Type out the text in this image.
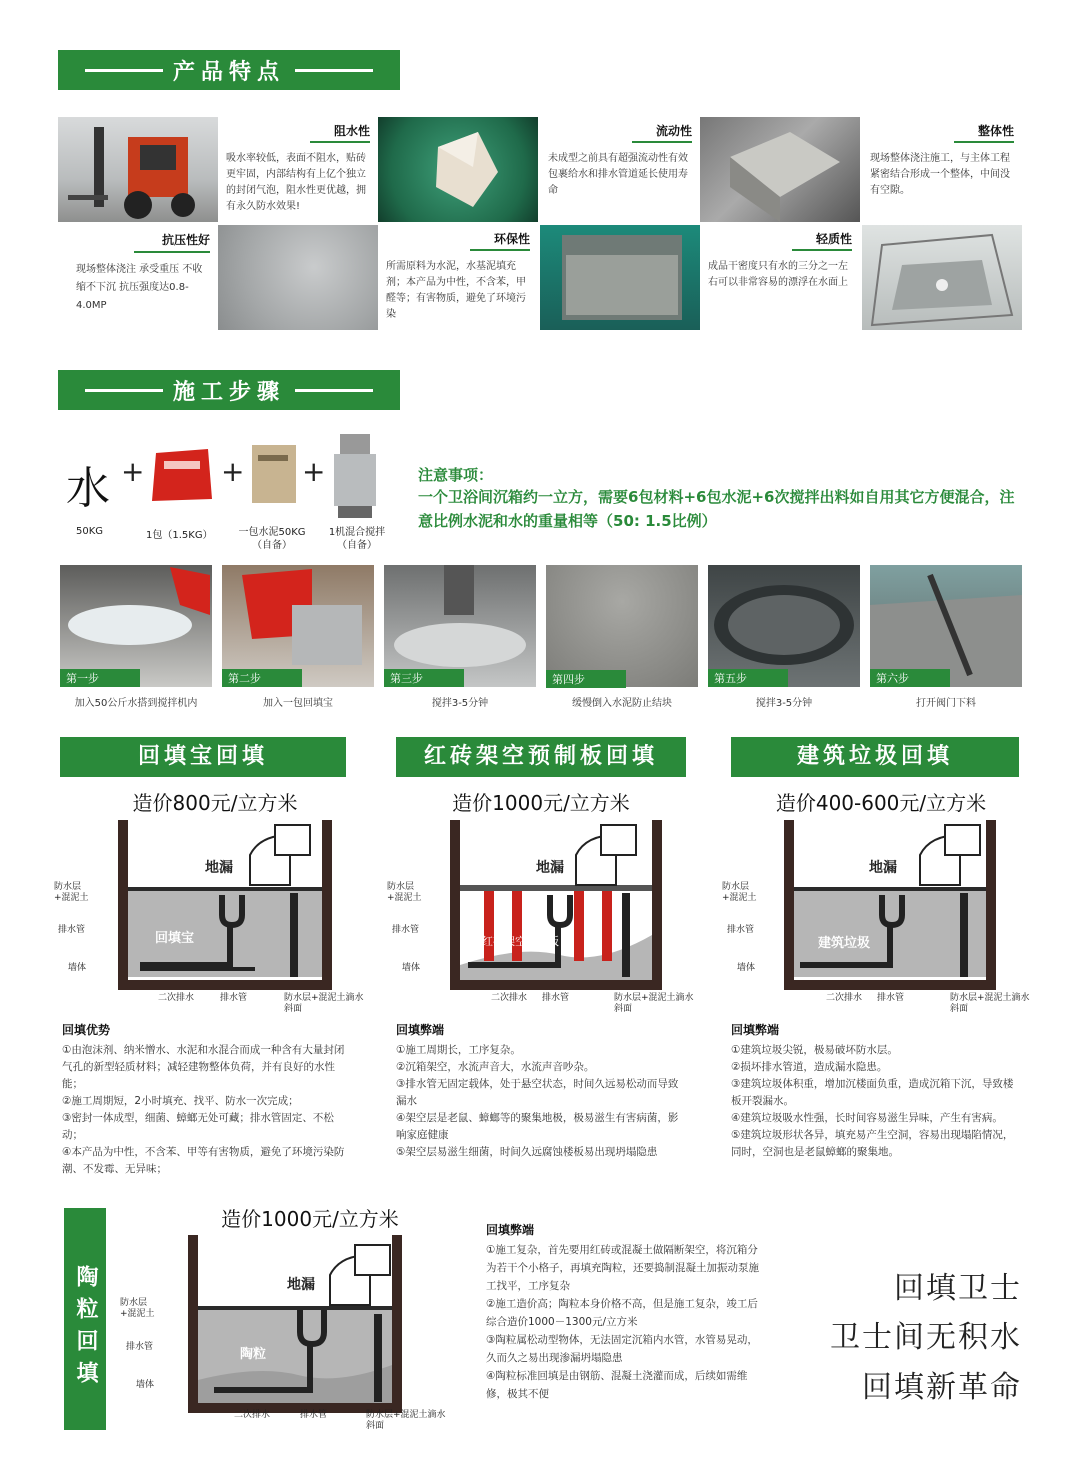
产品特点
阻水性
吸水率较低，表面不阻水，贴砖更牢固，内部结构有上亿个独立的封闭气泡，阻水性更优越，拥有永久防水效果!
流动性
未成型之前具有超强流动性有效包裹给水和排水管道延长使用寿命
整体性
现场整体浇注施工，与主体工程紧密结合形成一个整体，中间没有空隙。
抗压性好
现场整体浇注 承受重压 不收缩不下沉 抗压强度达0.8-4.0MP
环保性
所需原料为水泥，水基泥填充剂；本产品为中性，不含苯，甲醛等；有害物质，避免了环境污染
轻质性
成品干密度只有水的三分之一左右可以非常容易的漂浮在水面上
施工步骤
水 +	+ +
50KG	1包（1.5KG）	一包水泥50KG（自备）
1机混合搅拌（自备）
注意事项：
一个卫浴间沉箱约一立方，需要6包材料+6包水泥+6次搅拌出料如自用其它方便混合，注意比例水泥和水的重量相等（50: 1.5比例）
第一步	第二步	第三步	第四步	第五步	第六步
加入50公斤水搭到搅拌机内	加入一包回填宝	搅拌3-5分钟	缓慢倒入水泥防止结块	搅拌3-5分钟	打开阀门下料
回填宝回填	红砖架空预制板回填	建筑垃圾回填
造价800元/立方米	造价1000元/立方米	造价400-600元/立方米
地漏
回填宝
地漏
红砖架空预制板
地漏
建筑垃圾
防水层+混泥土
排水管
墙体
二次排水	排水管	防水层+混泥土滴水斜面
防水层+混泥土
排水管
墙体
二次排水 排水管	防水层+混泥土滴水斜面
防水层+混泥土
排水管
墙体
二次排水 排水管	防水层+混泥土滴水斜面
回填优势
①由泡沫剂、纳米憎水、水泥和水混合而成一种含有大量封闭气孔的新型轻质材料；减轻建物整体负荷，并有良好的水性能；
②施工周期短，2小时填充、找平、防水一次完成；
③密封一体成型，细菌、蟑螂无处可藏；排水管固定、不松动；
④本产品为中性，不含苯、甲等有害物质，避免了环境污染防潮、不发霉、无异味；
回填弊端
①施工周期长，工序复杂。
②沉箱架空，水流声音大，水流声音吵杂。
③排水管无固定载体，处于悬空状态，时间久远易松动而导致漏水
④架空层是老鼠、蟑螂等的聚集地极，极易滋生有害病菌，影响家庭健康
⑤架空层易滋生细菌，时间久远腐蚀楼板易出现坍塌隐患
回填弊端
①建筑垃圾尖锐，极易破坏防水层。
②损坏排水管道，造成漏水隐患。
③建筑垃圾体积重，增加沉楼面负重，造成沉箱下沉，导致楼板开裂漏水。
④建筑垃圾吸水性强，长时间容易滋生异味，产生有害病。
⑤建筑垃圾形状各异，填充易产生空洞，容易出现塌陷情况，同时，空洞也是老鼠蟑螂的聚集地。
陶粒回填
造价1000元/立方米
地漏
陶粒
防水层+混泥土
排水管
墙体
二次排水	排水管	防水层+混泥土滴水斜面
回填弊端
①施工复杂，首先要用红砖或混凝土做隔断架空，将沉箱分为若干个小格子，再填充陶粒，还要捣制混凝土加振动泵施工找平，工序复杂
②施工造价高；陶粒本身价格不高，但是施工复杂，竣工后综合造价1000－1300元/立方米
③陶粒属松动型物体，无法固定沉箱内水管，水管易晃动，久而久之易出现渗漏坍塌隐患
④陶粒标准回填是由钢筋、混凝土浇灌而成，后续如需维修，极其不便
回填卫士
卫士间无积水
回填新革命
